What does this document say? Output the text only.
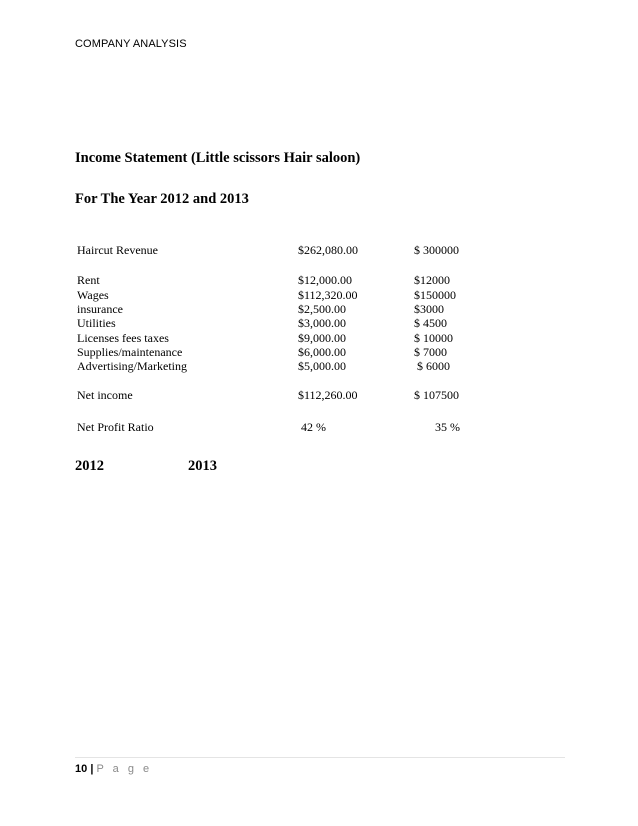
COMPANY ANALYSIS
Income Statement (Little scissors Hair saloon)
For The Year 2012 and 2013
Haircut Revenue	$262,080.00	$ 300000
Rent	$12,000.00	$12000
Wages	$112,320.00	$150000
insurance	$2,500.00	$3000
Utilities	$3,000.00	$ 4500
Licenses fees taxes	$9,000.00	$ 10000
Supplies/maintenance	$6,000.00	$ 7000
Advertising/Marketing	$5,000.00	$ 6000
Net income	$112,260.00	$ 107500
Net Profit Ratio	42 %	35 %
2012	2013
10 | P a g e
